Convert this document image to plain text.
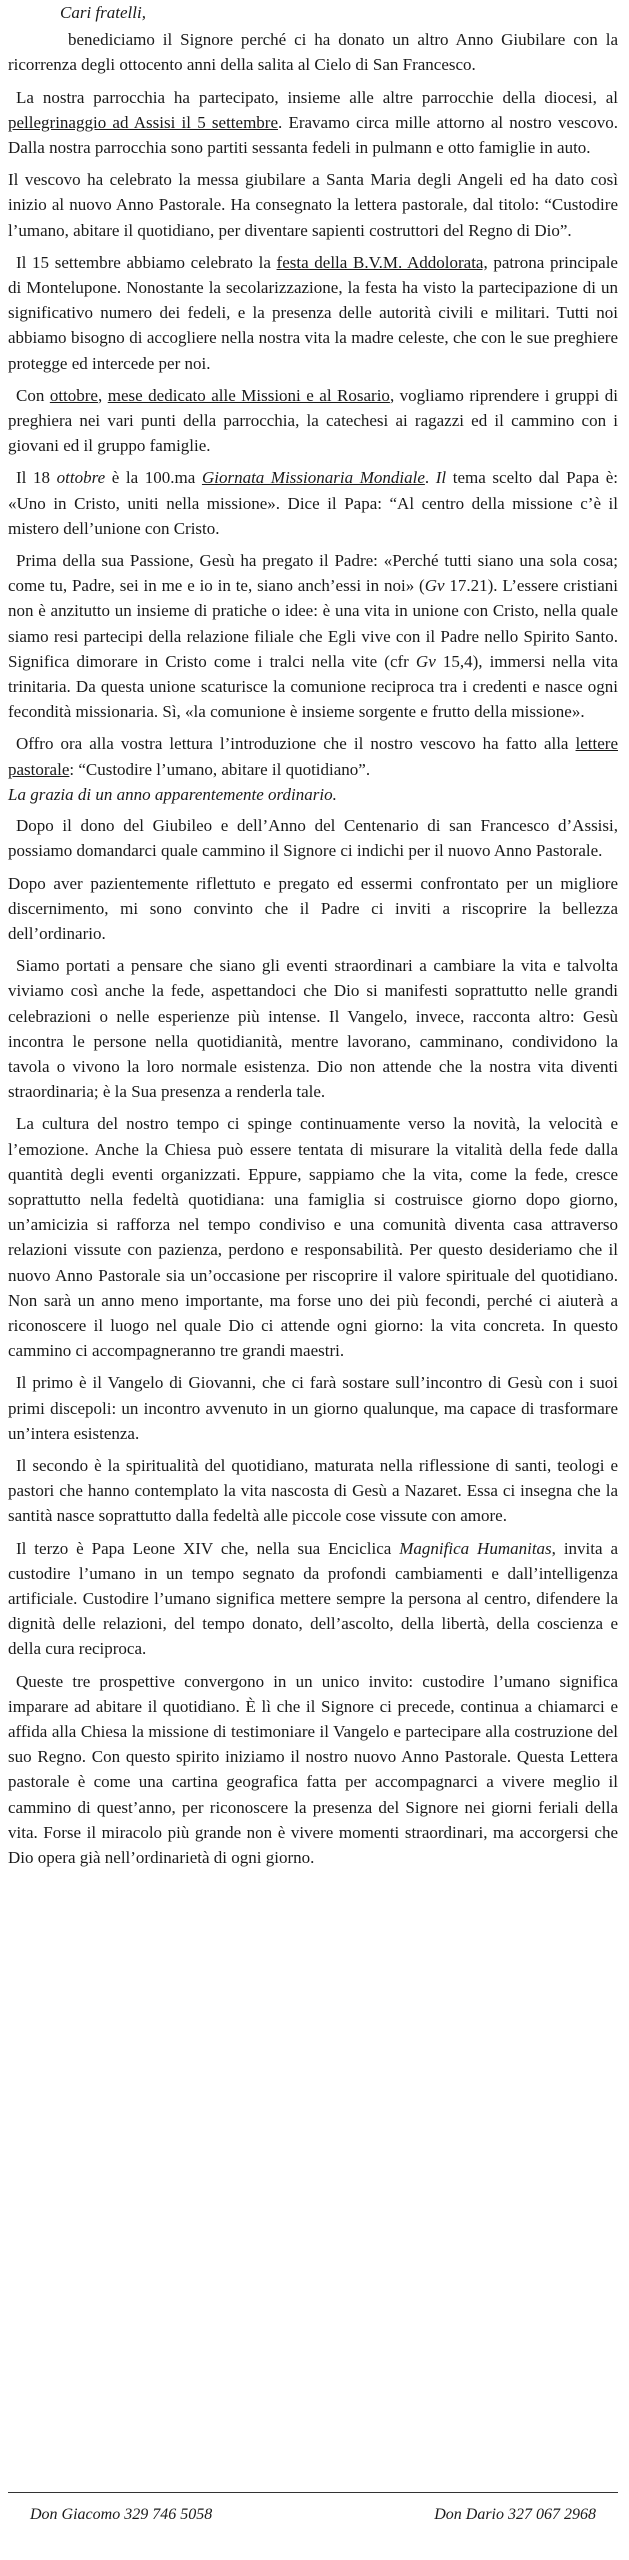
Cari fratelli,

benediciamo il Signore perché ci ha donato un altro Anno Giubilare con la ricorrenza degli ottocento anni della salita al Cielo di San Francesco.

La nostra parrocchia ha partecipato, insieme alle altre parrocchie della diocesi, al pellegrinaggio ad Assisi il 5 settembre. Eravamo circa mille attorno al nostro vescovo. Dalla nostra parrocchia sono partiti sessanta fedeli in pulmann e otto famiglie in auto.

Il vescovo ha celebrato la messa giubilare a Santa Maria degli Angeli ed ha dato così inizio al nuovo Anno Pastorale. Ha consegnato la lettera pastorale, dal titolo: “Custodire l’umano, abitare il quotidiano, per diventare sapienti costruttori del Regno di Dio”.

Il 15 settembre abbiamo celebrato la festa della B.V.M. Addolorata, patrona principale di Montelupone. Nonostante la secolarizzazione, la festa ha visto la partecipazione di un significativo numero dei fedeli, e la presenza delle autorità civili e militari. Tutti noi abbiamo bisogno di accogliere nella nostra vita la madre celeste, che con le sue preghiere protegge ed intercede per noi.

Con ottobre, mese dedicato alle Missioni e al Rosario, vogliamo riprendere i gruppi di preghiera nei vari punti della parrocchia, la catechesi ai ragazzi ed il cammino con i giovani ed il gruppo famiglie.

Il 18 ottobre è la 100.ma Giornata Missionaria Mondiale. Il tema scelto dal Papa è: «Uno in Cristo, uniti nella missione». Dice il Papa: “Al centro della missione c’è il mistero dell’unione con Cristo.

Prima della sua Passione, Gesù ha pregato il Padre: «Perché tutti siano una sola cosa; come tu, Padre, sei in me e io in te, siano anch’essi in noi» (Gv 17.21). L’essere cristiani non è anzitutto un insieme di pratiche o idee: è una vita in unione con Cristo, nella quale siamo resi partecipi della relazione filiale che Egli vive con il Padre nello Spirito Santo. Significa dimorare in Cristo come i tralci nella vite (cfr Gv 15,4), immersi nella vita trinitaria. Da questa unione scaturisce la comunione reciproca tra i credenti e nasce ogni fecondità missionaria. Sì, «la comunione è insieme sorgente e frutto della missione».

Offro ora alla vostra lettura l’introduzione che il nostro vescovo ha fatto alla lettere pastorale: “Custodire l’umano, abitare il quotidiano”.

La grazia di un anno apparentemente ordinario.

Dopo il dono del Giubileo e dell’Anno del Centenario di san Francesco d’Assisi, possiamo domandarci quale cammino il Signore ci indichi per il nuovo Anno Pastorale.

Dopo aver pazientemente riflettuto e pregato ed essermi confrontato per un migliore discernimento, mi sono convinto che il Padre ci inviti a riscoprire la bellezza dell’ordinario.

Siamo portati a pensare che siano gli eventi straordinari a cambiare la vita e talvolta viviamo così anche la fede, aspettandoci che Dio si manifesti soprattutto nelle grandi celebrazioni o nelle esperienze più intense. Il Vangelo, invece, racconta altro: Gesù incontra le persone nella quotidianità, mentre lavorano, camminano, condividono la tavola o vivono la loro normale esistenza. Dio non attende che la nostra vita diventi straordinaria; è la Sua presenza a renderla tale.

La cultura del nostro tempo ci spinge continuamente verso la novità, la velocità e l’emozione. Anche la Chiesa può essere tentata di misurare la vitalità della fede dalla quantità degli eventi organizzati. Eppure, sappiamo che la vita, come la fede, cresce soprattutto nella fedeltà quotidiana: una famiglia si costruisce giorno dopo giorno, un’amicizia si rafforza nel tempo condiviso e una comunità diventa casa attraverso relazioni vissute con pazienza, perdono e responsabilità. Per questo desideriamo che il nuovo Anno Pastorale sia un’occasione per riscoprire il valore spirituale del quotidiano. Non sarà un anno meno importante, ma forse uno dei più fecondi, perché ci aiuterà a riconoscere il luogo nel quale Dio ci attende ogni giorno: la vita concreta. In questo cammino ci accompagneranno tre grandi maestri.

Il primo è il Vangelo di Giovanni, che ci farà sostare sull’incontro di Gesù con i suoi primi discepoli: un incontro avvenuto in un giorno qualunque, ma capace di trasformare un’intera esistenza.

Il secondo è la spiritualità del quotidiano, maturata nella riflessione di santi, teologi e pastori che hanno contemplato la vita nascosta di Gesù a Nazaret. Essa ci insegna che la santità nasce soprattutto dalla fedeltà alle piccole cose vissute con amore.

Il terzo è Papa Leone XIV che, nella sua Enciclica Magnifica Humanitas, invita a custodire l’umano in un tempo segnato da profondi cambiamenti e dall’intelligenza artificiale. Custodire l’umano significa mettere sempre la persona al centro, difendere la dignità delle relazioni, del tempo donato, dell’ascolto, della libertà, della coscienza e della cura reciproca.

Queste tre prospettive convergono in un unico invito: custodire l’umano significa imparare ad abitare il quotidiano. È lì che il Signore ci precede, continua a chiamarci e affida alla Chiesa la missione di testimoniare il Vangelo e partecipare alla costruzione del suo Regno. Con questo spirito iniziamo il nostro nuovo Anno Pastorale. Questa Lettera pastorale è come una cartina geografica fatta per accompagnarci a vivere meglio il cammino di quest’anno, per riconoscere la presenza del Signore nei giorni feriali della vita. Forse il miracolo più grande non è vivere momenti straordinari, ma accorgersi che Dio opera già nell’ordinarietà di ogni giorno.

Don Giacomo 329 746 5058	Don Dario 327 067 2968
